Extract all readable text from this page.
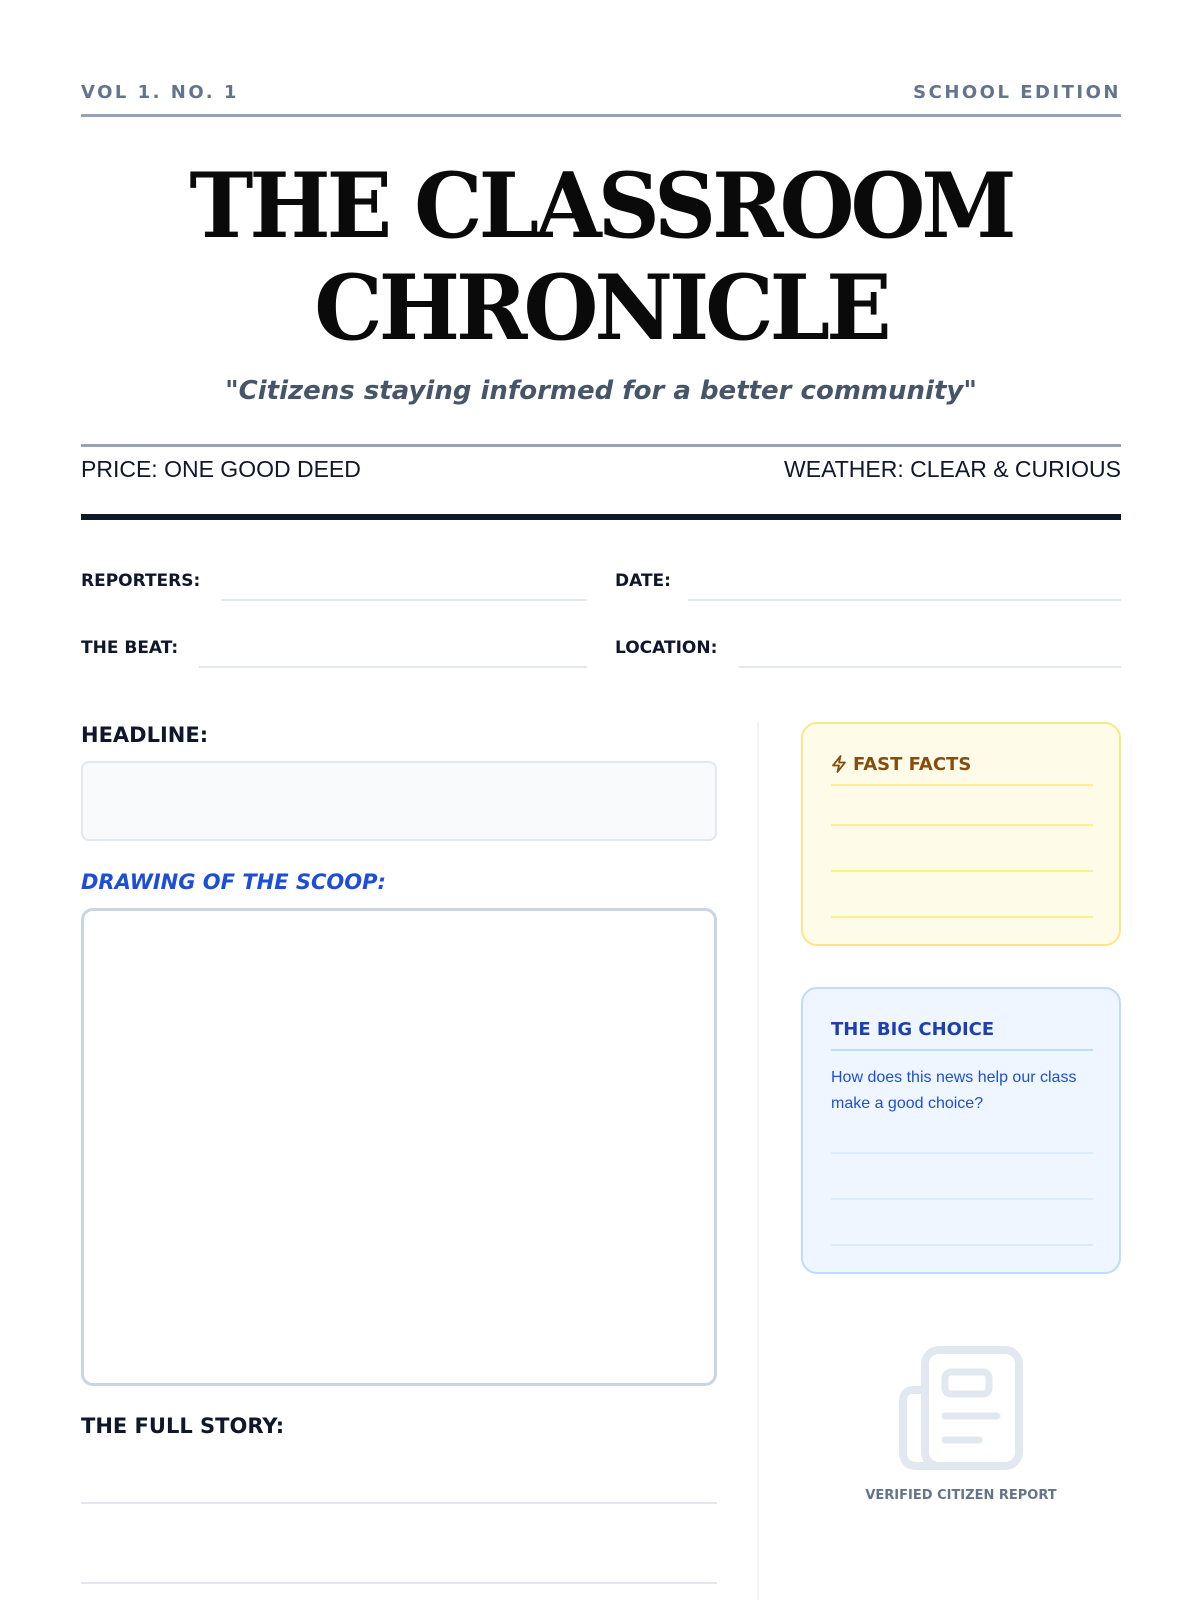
VOL 1. NO. 1	SCHOOL EDITION
THE CLASSROOM
CHRONICLE
"Citizens staying informed for a better community"
PRICE: ONE GOOD DEED	WEATHER: CLEAR & CURIOUS
REPORTERS:	DATE:
THE BEAT:	LOCATION:
HEADLINE:
DRAWING OF THE SCOOP:
THE FULL STORY:
FAST FACTS
THE BIG CHOICE
How does this news help our class make a good choice?
VERIFIED CITIZEN REPORT
